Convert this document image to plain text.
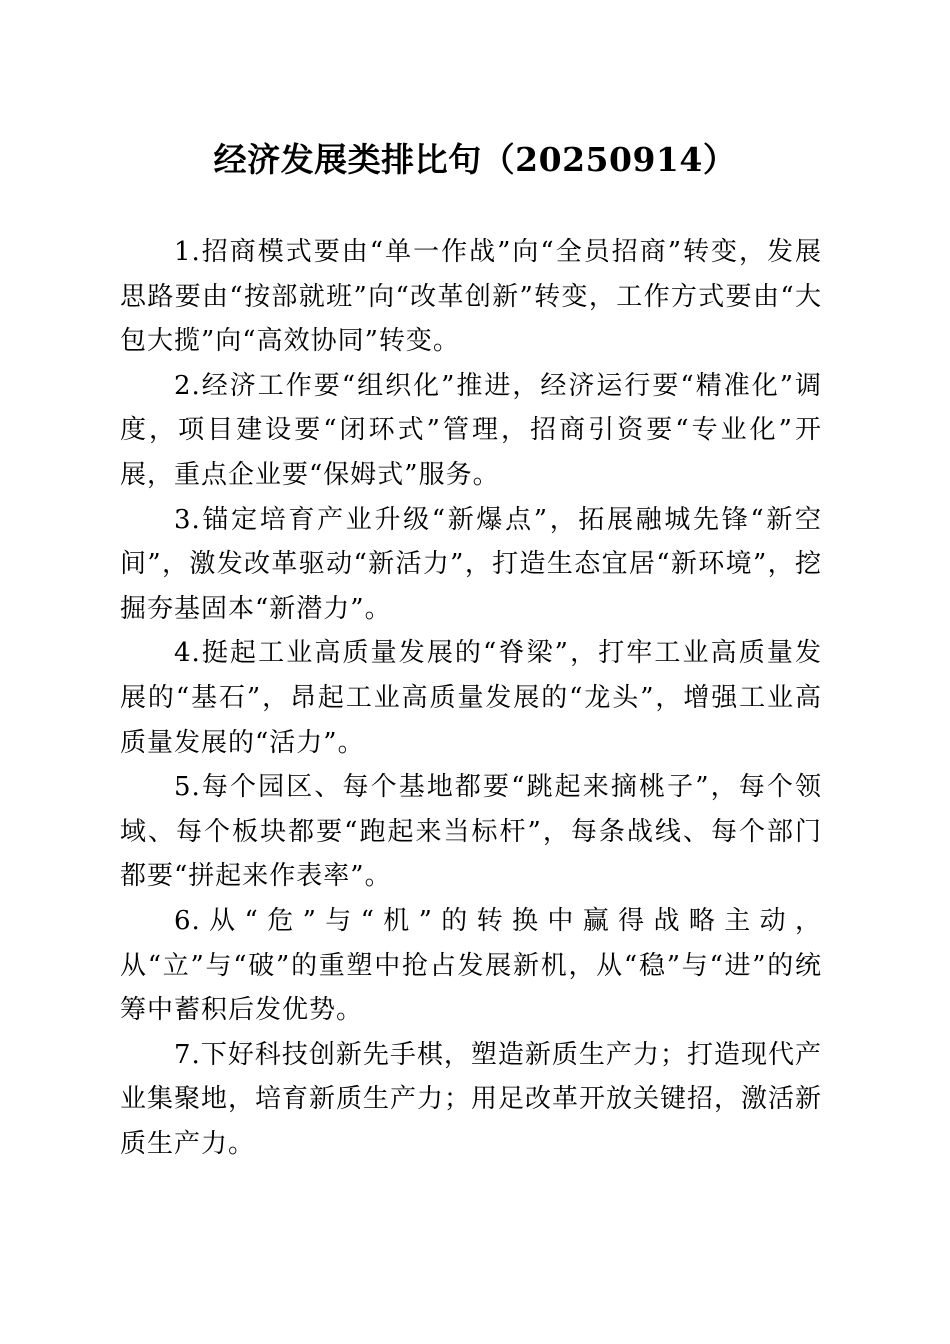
经济发展类排比句（20250914）

1.招商模式要由“单一作战”向“全员招商”转变，发展思路要由“按部就班”向“改革创新”转变，工作方式要由“大包大揽”向“高效协同”转变。

2.经济工作要“组织化”推进，经济运行要“精准化”调度，项目建设要“闭环式”管理，招商引资要“专业化”开展，重点企业要“保姆式”服务。

3.锚定培育产业升级“新爆点”，拓展融城先锋“新空间”，激发改革驱动“新活力”，打造生态宜居“新环境”，挖掘夯基固本“新潜力”。

4.挺起工业高质量发展的“脊梁”，打牢工业高质量发展的“基石”，昂起工业高质量发展的“龙头”，增强工业高质量发展的“活力”。

5.每个园区、每个基地都要“跳起来摘桃子”，每个领域、每个板块都要“跑起来当标杆”，每条战线、每个部门都要“拼起来作表率”。

6.从“危”与“机”的转换中赢得战略主动，从“立”与“破”的重塑中抢占发展新机，从“稳”与“进”的统筹中蓄积后发优势。

7.下好科技创新先手棋，塑造新质生产力；打造现代产业集聚地，培育新质生产力；用足改革开放关键招，激活新质生产力。
